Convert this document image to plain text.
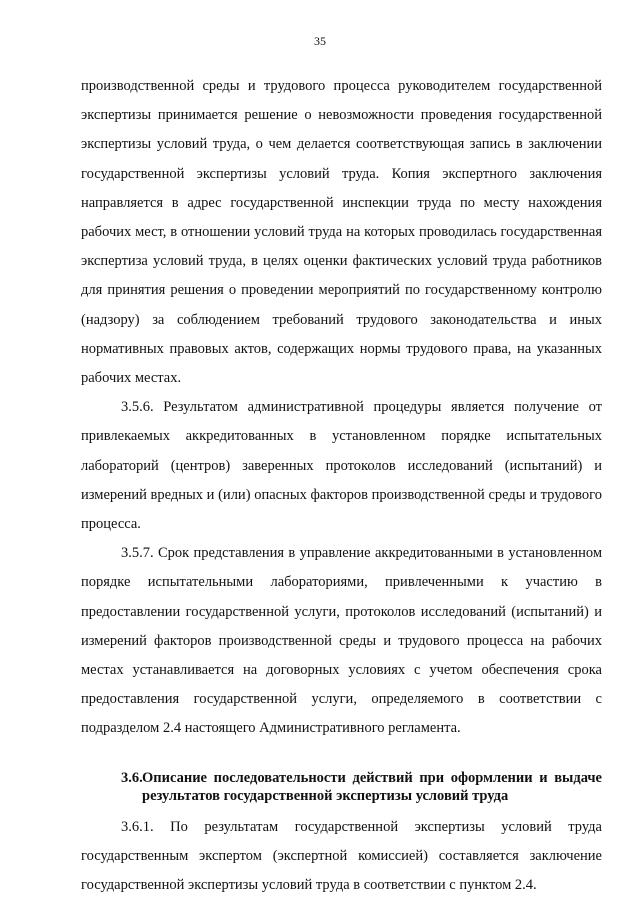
35

производственной среды и трудового процесса руководителем государственной экспертизы принимается решение о невозможности проведения государственной экспертизы условий труда, о чем делается соответствующая запись в заключении государственной экспертизы условий труда. Копия экспертного заключения направляется в адрес государственной инспекции труда по месту нахождения рабочих мест, в отношении условий труда на которых проводилась государственная экспертиза условий труда, в целях оценки фактических условий труда работников для принятия решения о проведении мероприятий по государственному контролю (надзору) за соблюдением требований трудового законодательства и иных нормативных правовых актов, содержащих нормы трудового права, на указанных рабочих местах.

3.5.6. Результатом административной процедуры является получение от привлекаемых аккредитованных в установленном порядке испытательных лабораторий (центров) заверенных протоколов исследований (испытаний) и измерений вредных и (или) опасных факторов производственной среды и трудового процесса.

3.5.7. Срок представления в управление аккредитованными в установленном порядке испытательными лабораториями, привлеченными к участию в предоставлении государственной услуги, протоколов исследований (испытаний) и измерений факторов производственной среды и трудового процесса на рабочих местах устанавливается на договорных условиях с учетом обеспечения срока предоставления государственной услуги, определяемого в соответствии с подразделом 2.4 настоящего Административного регламента.

3.6. Описание последовательности действий при оформлении и выдаче результатов государственной экспертизы условий труда

3.6.1. По результатам государственной экспертизы условий труда государственным экспертом (экспертной комиссией) составляется заключение государственной экспертизы условий труда в соответствии с пунктом 2.4.
